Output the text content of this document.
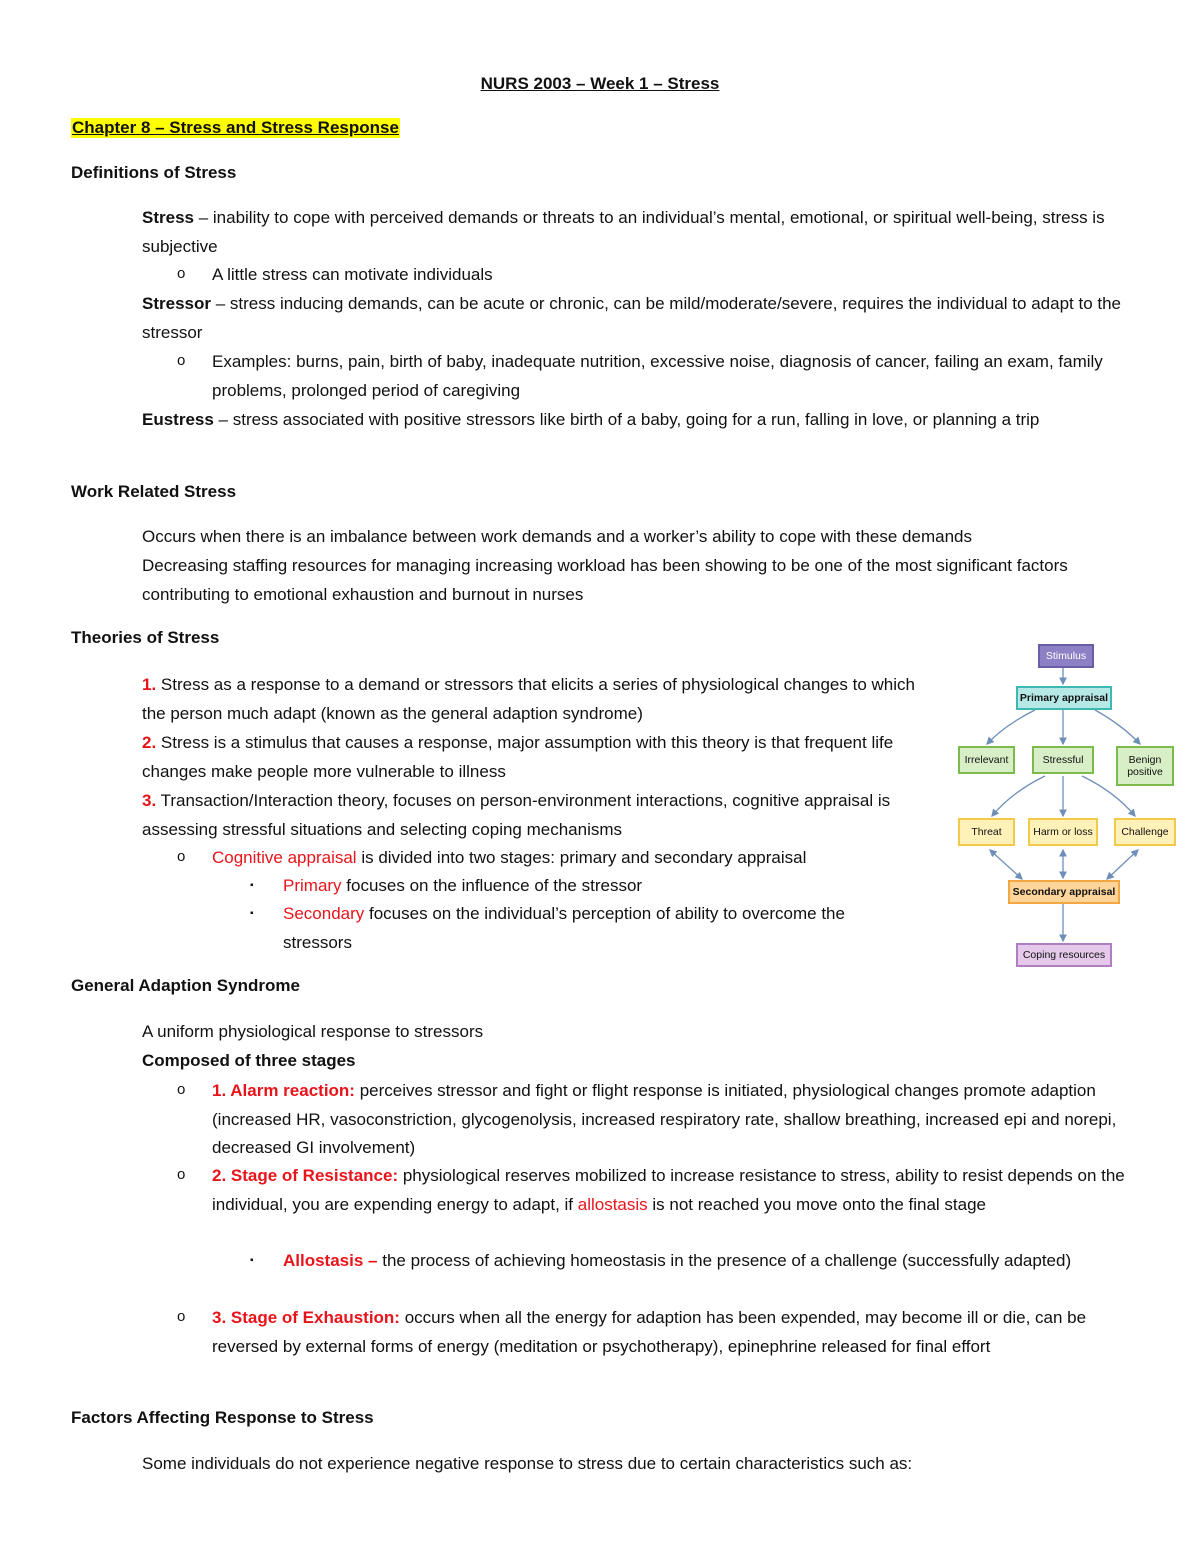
NURS 2003 – Week 1 – Stress
Chapter 8 – Stress and Stress Response
Definitions of Stress

Stress – inability to cope with perceived demands or threats to an individual’s mental, emotional, or spiritual well-being, stress is subjective

o A little stress can motivate individuals

Stressor – stress inducing demands, can be acute or chronic, can be mild/moderate/severe, requires the individual to adapt to the stressor

o Examples: burns, pain, birth of baby, inadequate nutrition, excessive noise, diagnosis of cancer, failing an exam, family problems, prolonged period of caregiving

Eustress – stress associated with positive stressors like birth of a baby, going for a run, falling in love, or planning a trip

Work Related Stress

Occurs when there is an imbalance between work demands and a worker’s ability to cope with these demands

Decreasing staffing resources for managing increasing workload has been showing to be one of the most significant factors contributing to emotional exhaustion and burnout in nurses

Theories of Stress

1. Stress as a response to a demand or stressors that elicits a series of physiological changes to which the person much adapt (known as the general adaption syndrome)

2. Stress is a stimulus that causes a response, major assumption with this theory is that frequent life changes make people more vulnerable to illness

3. Transaction/Interaction theory, focuses on person-environment interactions, cognitive appraisal is assessing stressful situations and selecting coping mechanisms

o Cognitive appraisal is divided into two stages: primary and secondary appraisal

▪ Primary focuses on the influence of the stressor

▪ Secondary focuses on the individual’s perception of ability to overcome the stressors

Stimulus
Primary appraisal
Irrelevant	Stressful	Benign positive
Threat	Harm or loss	Challenge
Secondary appraisal
Coping resources
General Adaption Syndrome

A uniform physiological response to stressors

Composed of three stages

o 1. Alarm reaction: perceives stressor and fight or flight response is initiated, physiological changes promote adaption (increased HR, vasoconstriction, glycogenolysis, increased respiratory rate, shallow breathing, increased epi and norepi, decreased GI involvement)

o 2. Stage of Resistance: physiological reserves mobilized to increase resistance to stress, ability to resist depends on the individual, you are expending energy to adapt, if allostasis is not reached you move onto the final stage

▪ Allostasis – the process of achieving homeostasis in the presence of a challenge (successfully adapted)

o 3. Stage of Exhaustion: occurs when all the energy for adaption has been expended, may become ill or die, can be reversed by external forms of energy (meditation or psychotherapy), epinephrine released for final effort

Factors Affecting Response to Stress

Some individuals do not experience negative response to stress due to certain characteristics such as:
